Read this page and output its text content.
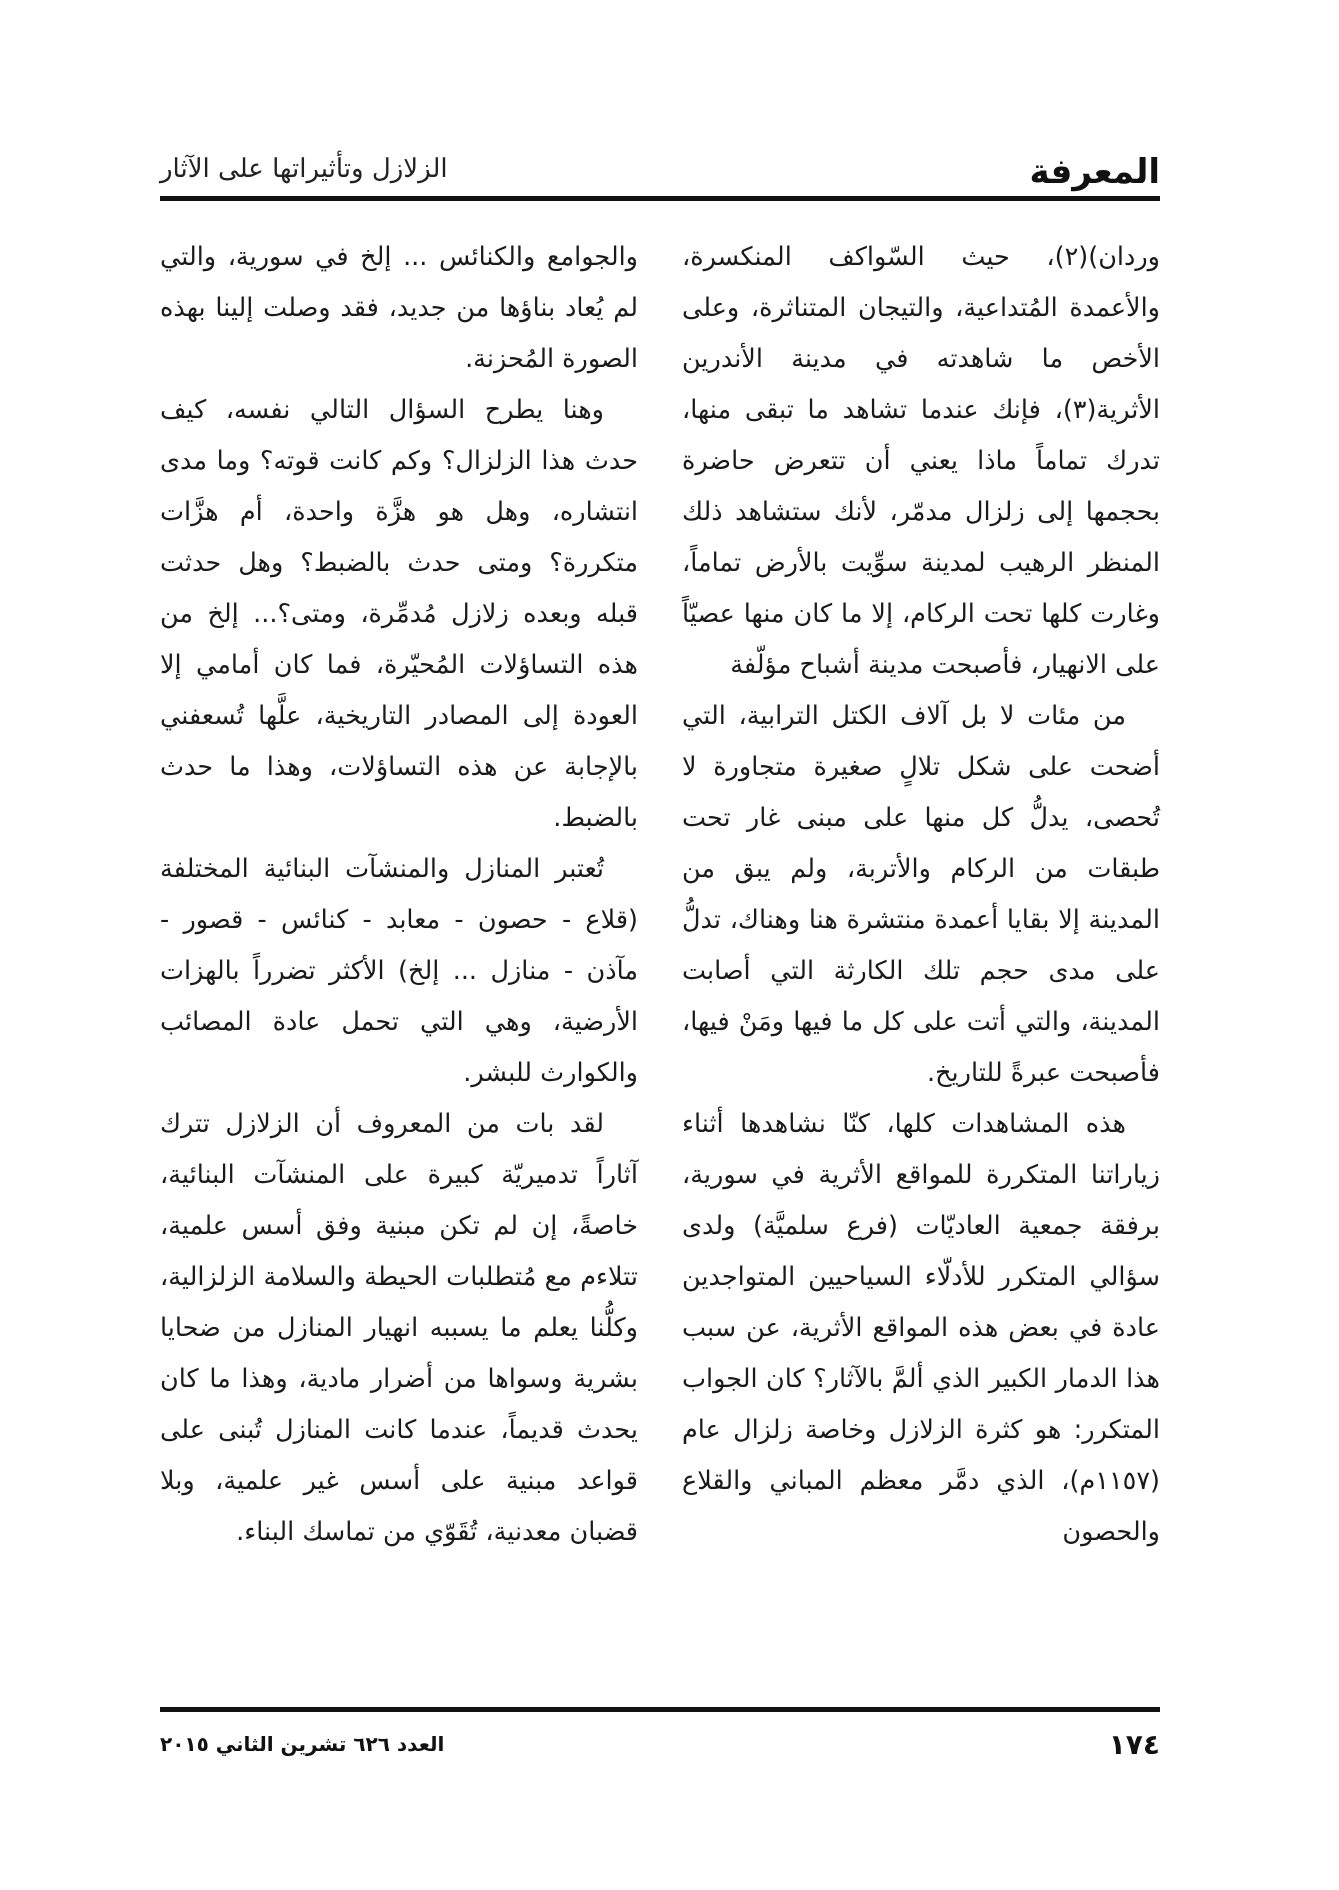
المعرفة
الزلازل وتأثيراتها على الآثار

وردان)(٢)، حيث السّواكف المنكسرة، والأعمدة المُتداعية، والتيجان المتناثرة، وعلى الأخص ما شاهدته في مدينة الأندرين الأثرية(٣)، فإنك عندما تشاهد ما تبقى منها، تدرك تماماً ماذا يعني أن تتعرض حاضرة بحجمها إلى زلزال مدمّر، لأنك ستشاهد ذلك المنظر الرهيب لمدينة سوِّيت بالأرض تماماً، وغارت كلها تحت الركام، إلا ما كان منها عصيّاً على الانهيار، فأصبحت مدينة أشباح مؤلّفة

من مئات لا بل آلاف الكتل الترابية، التي أضحت على شكل تلالٍ صغيرة متجاورة لا تُحصى، يدلُّ كل منها على مبنى غار تحت طبقات من الركام والأتربة، ولم يبق من المدينة إلا بقايا أعمدة منتشرة هنا وهناك، تدلُّ على مدى حجم تلك الكارثة التي أصابت المدينة، والتي أتت على كل ما فيها ومَنْ فيها، فأصبحت عبرةً للتاريخ.

هذه المشاهدات كلها، كنّا نشاهدها أثناء زياراتنا المتكررة للمواقع الأثرية في سورية، برفقة جمعية العاديّات (فرع سلميَّة) ولدى سؤالي المتكرر للأدلّاء السياحيين المتواجدين عادة في بعض هذه المواقع الأثرية، عن سبب هذا الدمار الكبير الذي ألمَّ بالآثار؟ كان الجواب المتكرر: هو كثرة الزلازل وخاصة زلزال عام (١١٥٧م)، الذي دمَّر معظم المباني والقلاع والحصون

والجوامع والكنائس ... إلخ في سورية، والتي لم يُعاد بناؤها من جديد، فقد وصلت إلينا بهذه الصورة المُحزنة.

وهنا يطرح السؤال التالي نفسه، كيف حدث هذا الزلزال؟ وكم كانت قوته؟ وما مدى انتشاره، وهل هو هزَّة واحدة، أم هزَّات متكررة؟ ومتى حدث بالضبط؟ وهل حدثت قبله وبعده زلازل مُدمِّرة، ومتى؟... إلخ من هذه التساؤلات المُحيّرة، فما كان أمامي إلا العودة إلى المصادر التاريخية، علَّها تُسعفني بالإجابة عن هذه التساؤلات، وهذا ما حدث بالضبط.

تُعتبر المنازل والمنشآت البنائية المختلفة (قلاع - حصون - معابد - كنائس - قصور - مآذن - منازل ... إلخ) الأكثر تضرراً بالهزات الأرضية، وهي التي تحمل عادة المصائب والكوارث للبشر.

لقد بات من المعروف أن الزلازل تترك آثاراً تدميريّة كبيرة على المنشآت البنائية، خاصةً، إن لم تكن مبنية وفق أسس علمية، تتلاءم مع مُتطلبات الحيطة والسلامة الزلزالية، وكلُّنا يعلم ما يسببه انهيار المنازل من ضحايا بشرية وسواها من أضرار مادية، وهذا ما كان يحدث قديماً، عندما كانت المنازل تُبنى على قواعد مبنية على أسس غير علمية، وبلا قضبان معدنية، تُقَوّي من تماسك البناء.

١٧٤
العدد ٦٢٦ تشرين الثاني ٢٠١٥
